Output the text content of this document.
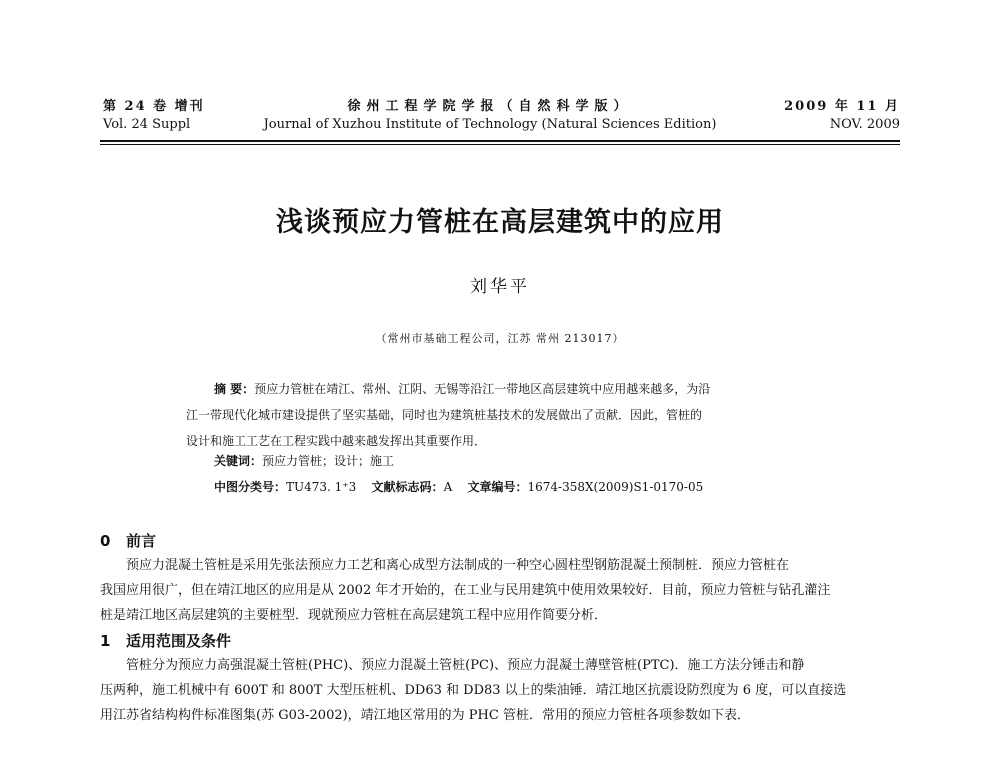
第 24 卷 增刊
Vol. 24 Suppl
徐州工程学院学报（自然科学版）
Journal of Xuzhou Institute of Technology (Natural Sciences Edition)
2009 年 11 月
NOV. 2009
浅谈预应力管桩在高层建筑中的应用
刘华平
（常州市基础工程公司，江苏 常州 213017）
摘 要：预应力管桩在靖江、常州、江阴、无锡等沿江一带地区高层建筑中应用越来越多，为沿
江一带现代化城市建设提供了坚实基础，同时也为建筑桩基技术的发展做出了贡献．因此，管桩的
设计和施工工艺在工程实践中越来越发挥出其重要作用．
关键词：预应力管桩；设计；施工
中图分类号：TU473. 1⁺3 文献标志码：A 文章编号：1674-358X(2009)S1-0170-05
0 前言
预应力混凝土管桩是采用先张法预应力工艺和离心成型方法制成的一种空心圆柱型钢筋混凝土预制桩．预应力管桩在
我国应用很广，但在靖江地区的应用是从 2002 年才开始的，在工业与民用建筑中使用效果较好．目前，预应力管桩与钻孔灌注
桩是靖江地区高层建筑的主要桩型．现就预应力管桩在高层建筑工程中应用作简要分析．
1 适用范围及条件
管桩分为预应力高强混凝土管桩(PHC)、预应力混凝土管桩(PC)、预应力混凝土薄壁管桩(PTC)．施工方法分锤击和静
压两种，施工机械中有 600T 和 800T 大型压桩机、DD63 和 DD83 以上的柴油锤．靖江地区抗震设防烈度为 6 度，可以直接选
用江苏省结构构件标准图集(苏 G03-2002)，靖江地区常用的为 PHC 管桩．常用的预应力管桩各项参数如下表．
